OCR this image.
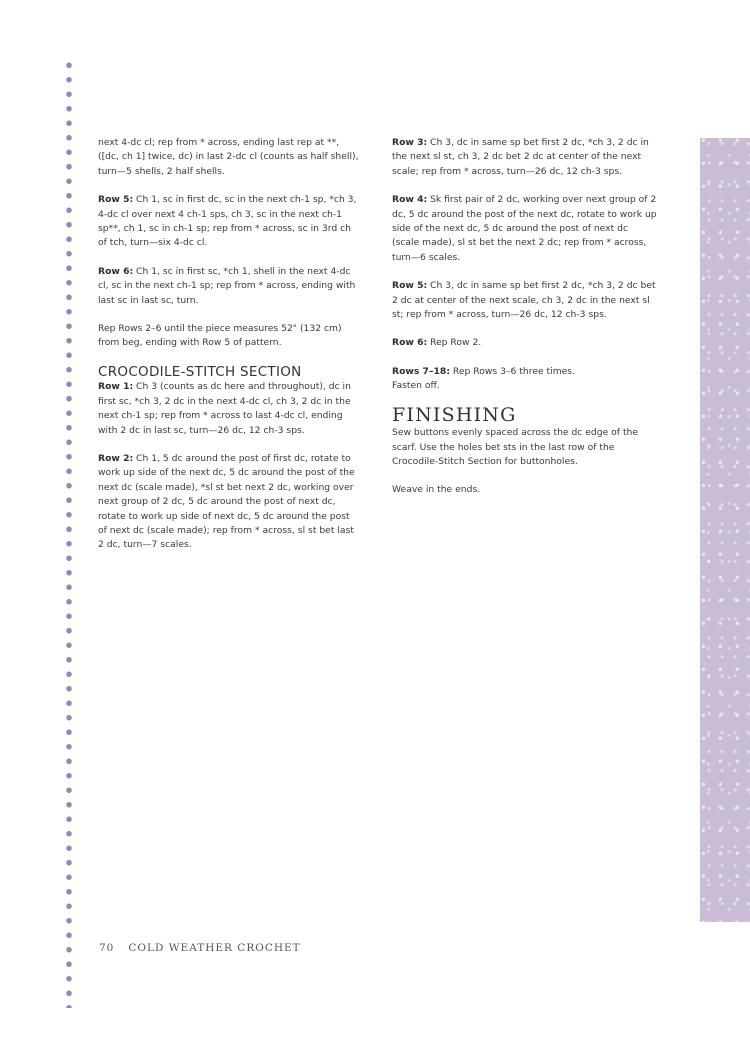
next 4-dc cl; rep from * across, ending last rep at **, ([dc, ch 1] twice, dc) in last 2-dc cl (counts as half shell), turn—5 shells, 2 half shells.

Row 5: Ch 1, sc in first dc, sc in the next ch-1 sp, *ch 3, 4-dc cl over next 4 ch-1 sps, ch 3, sc in the next ch-1 sp**, ch 1, sc in ch-1 sp; rep from * across, sc in 3rd ch of tch, turn—six 4-dc cl.

Row 6: Ch 1, sc in first sc, *ch 1, shell in the next 4-dc cl, sc in the next ch-1 sp; rep from * across, ending with last sc in last sc, turn.

Rep Rows 2–6 until the piece measures 52" (132 cm) from beg, ending with Row 5 of pattern.

CROCODILE-STITCH SECTION

Row 1: Ch 3 (counts as dc here and throughout), dc in first sc, *ch 3, 2 dc in the next 4-dc cl, ch 3, 2 dc in the next ch-1 sp; rep from * across to last 4-dc cl, ending with 2 dc in last sc, turn—26 dc, 12 ch-3 sps.

Row 2: Ch 1, 5 dc around the post of first dc, rotate to work up side of the next dc, 5 dc around the post of the next dc (scale made), *sl st bet next 2 dc, working over next group of 2 dc, 5 dc around the post of next dc, rotate to work up side of next dc, 5 dc around the post of next dc (scale made); rep from * across, sl st bet last 2 dc, turn—7 scales.

Row 3: Ch 3, dc in same sp bet first 2 dc, *ch 3, 2 dc in the next sl st, ch 3, 2 dc bet 2 dc at center of the next scale; rep from * across, turn—26 dc, 12 ch-3 sps.

Row 4: Sk first pair of 2 dc, working over next group of 2 dc, 5 dc around the post of the next dc, rotate to work up side of the next dc, 5 dc around the post of next dc (scale made), sl st bet the next 2 dc; rep from * across, turn—6 scales.

Row 5: Ch 3, dc in same sp bet first 2 dc, *ch 3, 2 dc bet 2 dc at center of the next scale, ch 3, 2 dc in the next sl st; rep from * across, turn—26 dc, 12 ch-3 sps.

Row 6: Rep Row 2.

Rows 7–18: Rep Rows 3–6 three times.
Fasten off.

FINISHING

Sew buttons evenly spaced across the dc edge of the scarf. Use the holes bet sts in the last row of the Crocodile-Stitch Section for buttonholes.

Weave in the ends.

70 COLD WEATHER CROCHET
